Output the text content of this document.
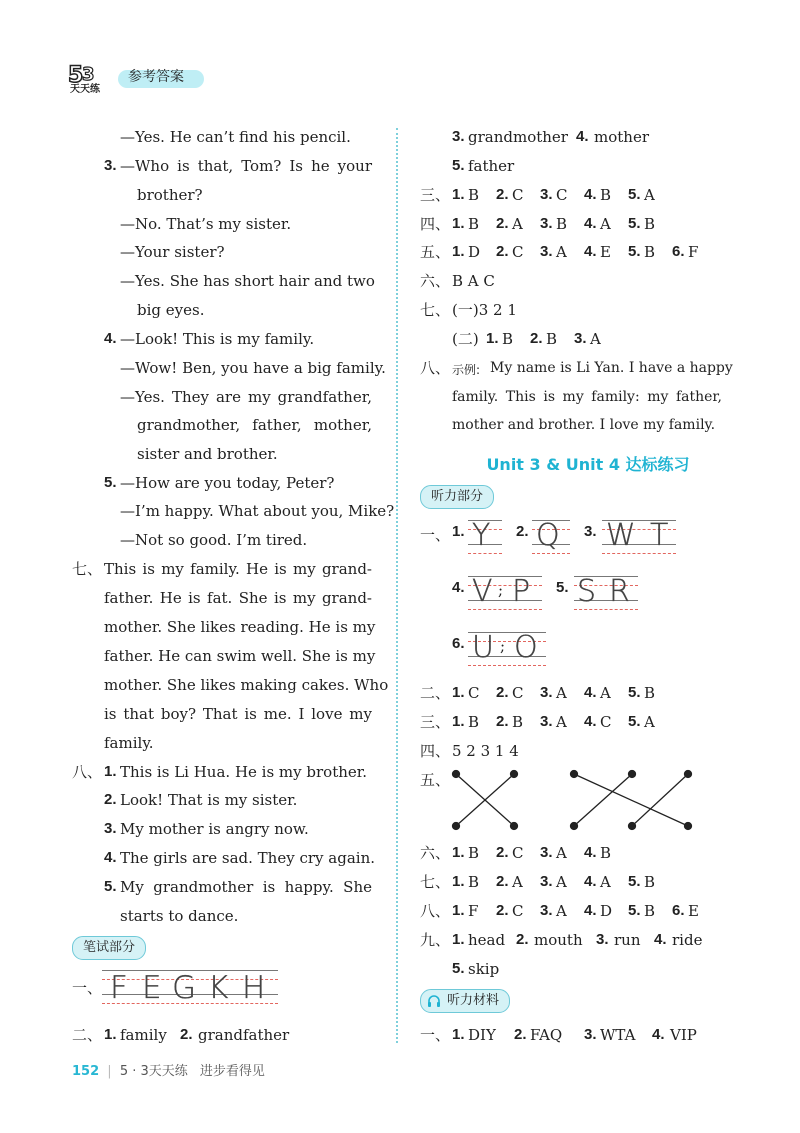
5
3
天天练
参考答案
—Yes. He can’t find his pencil.
3. —Who is that, Tom? Is he your
brother?
—No. That’s my sister.
—Your sister?
—Yes. She has short hair and two
big eyes.
4. —Look! This is my family.
—Wow! Ben, you have a big family.
—Yes. They are my grandfather,
grandmother, father, mother,
sister and brother.
5. —How are you today, Peter?
—I’m happy. What about you, Mike?
—Not so good. I’m tired.
七、 This is my family. He is my grand-
father. He is fat. She is my grand-
mother. She likes reading. He is my
father. He can swim well. She is my
mother. She likes making cakes. Who
is that boy? That is me. I love my
family.
八、 1. This is Li Hua. He is my brother.
2. Look! That is my sister.
3. My mother is angry now.
4. The girls are sad. They cry again.
5. My grandmother is happy. She
starts to dance.
笔试部分
一、 F E G K H
二、 1. family 2. grandfather
3. grandmother 4. mother
5. father
三、 1. B 2. C 3. C 4. B 5. A
四、 1. B 2. A 3. B 4. A 5. B
五、 1. D 2. C 3. A 4. E 5. B 6. F
六、 B A C
七、 (一)3 2 1
(二) 1. B 2. B 3. A
八、 示例: My name is Li Yan. I have a happy
family. This is my family: my father,
mother and brother. I love my family.
Unit 3 & Unit 4 达标练习
听力部分
一、 1. Y 2. Q 3. W T
4. V ; P 5. S R
6. U ; O
二、 1. C 2. C 3. A 4. A 5. B
三、 1. B 2. B 3. A 4. C 5. A
四、 5 2 3 1 4
五、
六、 1. B 2. C 3. A 4. B
七、 1. B 2. A 3. A 4. A 5. B
八、 1. F 2. C 3. A 4. D 5. B 6. E
九、 1. head 2. mouth 3. run 4. ride
5. skip
听力材料
一、 1. DIY 2. FAQ 3. WTA 4. VIP
152 | 5 · 3天天练 进步看得见
